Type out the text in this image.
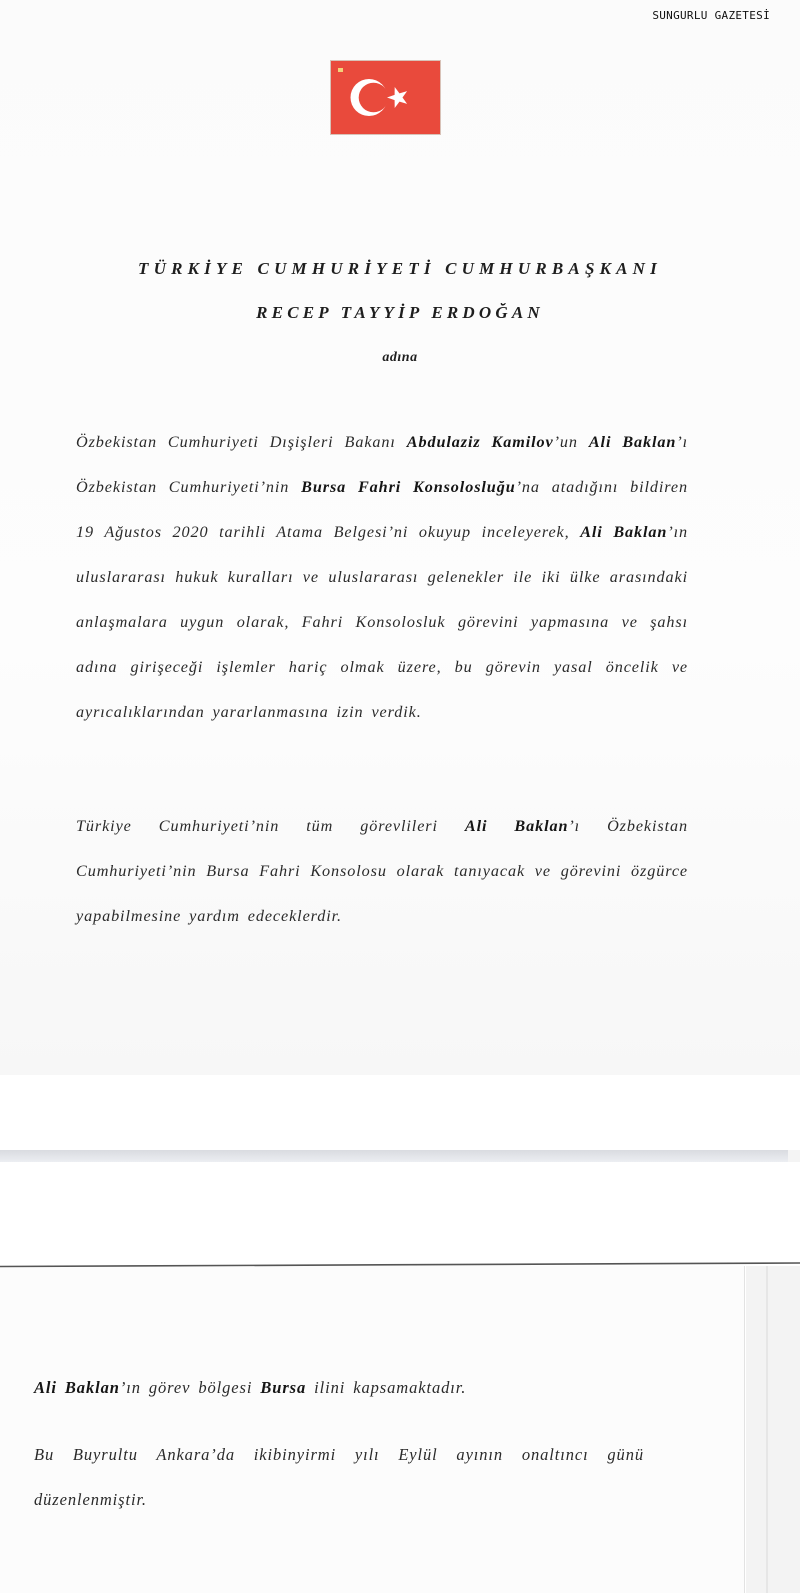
SUNGURLU GAZETESİ
TÜRKİYE CUMHURİYETİ CUMHURBAŞKANI
RECEP TAYYİP ERDOĞAN
adına

Özbekistan Cumhuriyeti Dışişleri Bakanı Abdulaziz Kamilov’un Ali Baklan’ı Özbekistan Cumhuriyeti’nin Bursa Fahri Konsolosluğu’na atadığını bildiren 19 Ağustos 2020 tarihli Atama Belgesi’ni okuyup inceleyerek, Ali Baklan’ın uluslararası hukuk kuralları ve uluslararası gelenekler ile iki ülke arasındaki anlaşmalara uygun olarak, Fahri Konsolosluk görevini yapmasına ve şahsı adına girişeceği işlemler hariç olmak üzere, bu görevin yasal öncelik ve ayrıcalıklarından yararlanmasına izin verdik.

Türkiye Cumhuriyeti’nin tüm görevlileri Ali Baklan’ı Özbekistan Cumhuriyeti’nin Bursa Fahri Konsolosu olarak tanıyacak ve görevini özgürce yapabilmesine yardım edeceklerdir.

Ali Baklan’ın görev bölgesi Bursa ilini kapsamaktadır.

Bu Buyrultu Ankara’da ikibinyirmi yılı Eylül ayının onaltıncı günü düzenlenmiştir.
